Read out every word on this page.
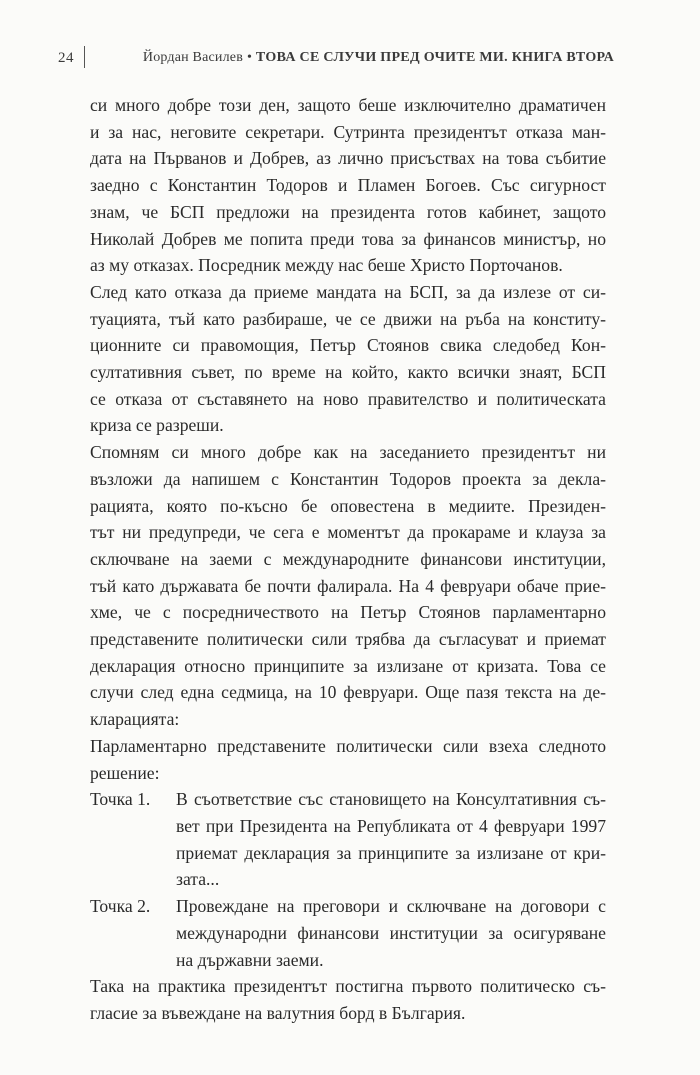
24	Йордан Василев • ТОВА СЕ СЛУЧИ ПРЕД ОЧИТЕ МИ. КНИГА ВТОРА
си много добре този ден, защото беше изключително драматичен
и за нас, неговите секретари. Сутринта президентът отказа ман-
дата на Първанов и Добрев, аз лично присъствах на това събитие
заедно с Константин Тодоров и Пламен Богоев. Със сигурност
знам, че БСП предложи на президента готов кабинет, защото
Николай Добрев ме попита преди това за финансов министър, но
аз му отказах. Посредник между нас беше Христо Порточанов.
След като отказа да приеме мандата на БСП, за да излезе от си-
туацията, тъй като разбираше, че се движи на ръба на конститу-
ционните си правомощия, Петър Стоянов свика следобед Кон-
султативния съвет, по време на който, както всички знаят, БСП
се отказа от съставянето на ново правителство и политическата
криза се разреши.
Спомням си много добре как на заседанието президентът ни
възложи да напишем с Константин Тодоров проекта за декла-
рацията, която по-късно бе оповестена в медиите. Президен-
тът ни предупреди, че сега е моментът да прокараме и клауза за
сключване на заеми с международните финансови институции,
тъй като държавата бе почти фалирала. На 4 февруари обаче прие-
хме, че с посредничеството на Петър Стоянов парламентарно
представените политически сили трябва да съгласуват и приемат
декларация относно принципите за излизане от кризата. Това се
случи след една седмица, на 10 февруари. Още пазя текста на де-
кларацията:
Парламентарно представените политически сили взеха следното
решение:
Точка 1. В съответствие със становището на Консултативния съ-
вет при Президента на Републиката от 4 февруари 1997
приемат декларация за принципите за излизане от кри-
зата...
Точка 2. Провеждане на преговори и сключване на договори с
международни финансови институции за осигуряване
на държавни заеми.
Така на практика президентът постигна първото политическо съ-
гласие за въвеждане на валутния борд в България.
